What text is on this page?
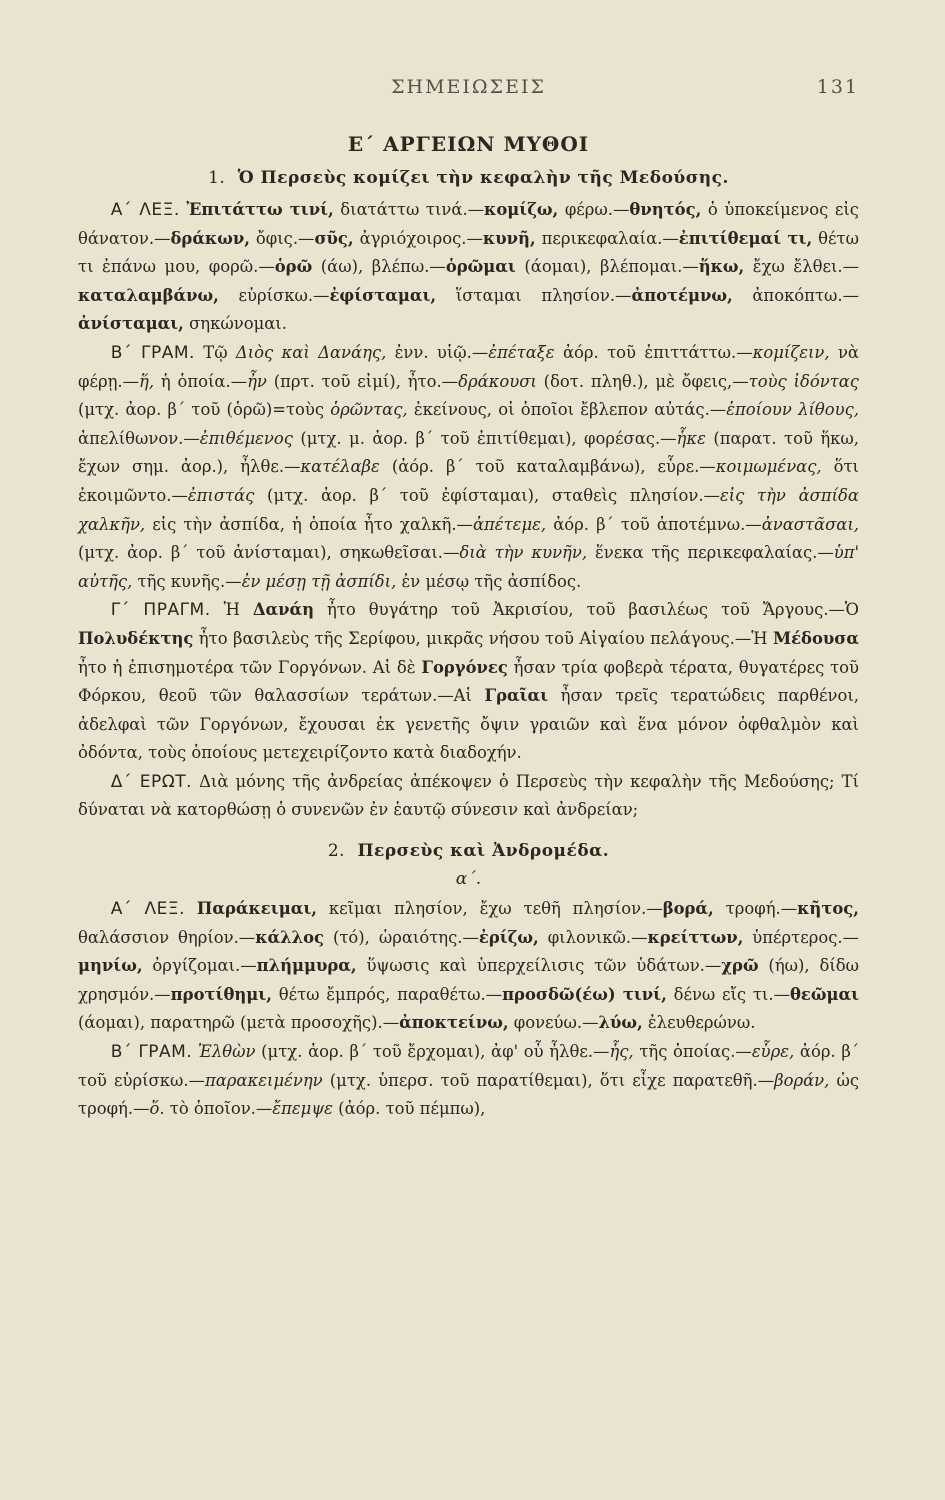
ΣΗΜΕΙΩΣΕΙΣ	131
Ε΄ ΑΡΓΕΙΩΝ ΜΥΘΟΙ
1. Ὁ Περσεὺς κομίζει τὴν κεφαλὴν τῆς Μεδούσης.

Α΄ ΛΕΞ. Ἐπιτάττω τινί, διατάττω τινά.—κομίζω, φέρω.—θνητός, ὁ ὑποκείμενος εἰς θάνατον.—δράκων, ὄφις.—σῦς, ἀγριόχοιρος.—κυνῆ, περικεφαλαία.—ἐπιτίθεμαί τι, θέτω τι ἐπάνω μου, φορῶ.—ὁρῶ (άω), βλέπω.—ὁρῶμαι (άομαι), βλέπομαι.—ἥκω, ἔχω ἔλθει.—καταλαμβάνω, εὑρίσκω.—ἐφίσταμαι, ἵσταμαι πλησίον.—ἀποτέμνω, ἀποκόπτω.—ἀνίσταμαι, σηκώνομαι.

Β΄ ΓΡΑΜ. Τῷ Διὸς καὶ Δανάης, ἐνν. υἱῷ.—ἐπέταξε ἀόρ. τοῦ ἐπιττάττω.—κομίζειν, νὰ φέρῃ.—ἥ, ἡ ὁποία.—ἦν (πρτ. τοῦ εἰμί), ἦτο.—δράκουσι (δοτ. πληθ.), μὲ ὄφεις,—τοὺς ἰδόντας (μτχ. ἀορ. β΄ τοῦ (ὁρῶ)=τοὺς ὁρῶντας, ἐκείνους, οἱ ὁποῖοι ἔβλεπον αὐτάς.—ἐποίουν λίθους, ἀπελίθωνον.—ἐπιθέμενος (μτχ. μ. ἀορ. β΄ τοῦ ἐπιτίθεμαι), φορέσας.—ἧκε (παρατ. τοῦ ἥκω, ἔχων σημ. ἀορ.), ἦλθε.—κατέλαβε (ἀόρ. β΄ τοῦ καταλαμβάνω), εὗρε.—κοιμωμένας, ὅτι ἐκοιμῶντο.—ἐπιστάς (μτχ. ἀορ. β΄ τοῦ ἐφίσταμαι), σταθεὶς πλησίον.—εἰς τὴν ἀσπίδα χαλκῆν, εἰς τὴν ἀσπίδα, ἡ ὁποία ἦτο χαλκῆ.—ἀπέτεμε, ἀόρ. β΄ τοῦ ἀποτέμνω.—ἀναστᾶσαι, (μτχ. ἀορ. β΄ τοῦ ἀνίσταμαι), σηκωθεῖσαι.—διὰ τὴν κυνῆν, ἕνεκα τῆς περικεφαλαίας.—ὑπ' αὐτῆς, τῆς κυνῆς.—ἐν μέσῃ τῇ ἀσπίδι, ἐν μέσῳ τῆς ἀσπίδος.

Γ΄ ΠΡΑΓΜ. Ἡ Δανάη ἦτο θυγάτηρ τοῦ Ἀκρισίου, τοῦ βασιλέως τοῦ Ἄργους.—Ὁ Πολυδέκτης ἦτο βασιλεὺς τῆς Σερίφου, μικρᾶς νήσου τοῦ Αἰγαίου πελάγους.—Ἡ Μέδουσα ἦτο ἡ ἐπισημοτέρα τῶν Γοργόνων. Αἱ δὲ Γοργόνες ἦσαν τρία φοβερὰ τέρατα, θυγατέρες τοῦ Φόρκου, θεοῦ τῶν θαλασσίων τεράτων.—Αἱ Γραῖαι ἦσαν τρεῖς τερατώδεις παρθένοι, ἀδελφαὶ τῶν Γοργόνων, ἔχουσαι ἐκ γενετῆς ὄψιν γραιῶν καὶ ἕνα μόνον ὀφθαλμὸν καὶ ὀδόντα, τοὺς ὁποίους μετεχειρίζοντο κατὰ διαδοχήν.

Δ΄ ΕΡΩΤ. Διὰ μόνης τῆς ἀνδρείας ἀπέκοψεν ὁ Περσεὺς τὴν κεφαλὴν τῆς Μεδούσης; Τί δύναται νὰ κατορθώσῃ ὁ συνενῶν ἐν ἑαυτῷ σύνεσιν καὶ ἀνδρείαν;

2. Περσεὺς καὶ Ἀνδρομέδα.
α΄.

Α΄ ΛΕΞ. Παράκειμαι, κεῖμαι πλησίον, ἔχω τεθῆ πλησίον.—βορά, τροφή.—κῆτος, θαλάσσιον θηρίον.—κάλλος (τό), ὡραιότης.—ἐρίζω, φιλονικῶ.—κρείττων, ὑπέρτερος.—μηνίω, ὀργίζομαι.—πλήμμυρα, ὕψωσις καὶ ὑπερχείλισις τῶν ὑδάτων.—χρῶ (ήω), δίδω χρησμόν.—προτίθημι, θέτω ἔμπρός, παραθέτω.—προσδῶ(έω) τινί, δένω εἴς τι.—θεῶμαι (άομαι), παρατηρῶ (μετὰ προσοχῆς).—ἀποκτείνω, φονεύω.—λύω, ἐλευθερώνω.

Β΄ ΓΡΑΜ. Ἐλθὼν (μτχ. ἀορ. β΄ τοῦ ἔρχομαι), ἀφ' οὗ ἦλθε.—ἧς, τῆς ὁποίας.—εὗρε, ἀόρ. β΄ τοῦ εὑρίσκω.—παρακειμένην (μτχ. ὑπερσ. τοῦ παρατίθεμαι), ὅτι εἶχε παρατεθῆ.—βοράν, ὡς τροφή.—ὅ. τὸ ὁποῖον.—ἔπεμψε (ἀόρ. τοῦ πέμπω),
